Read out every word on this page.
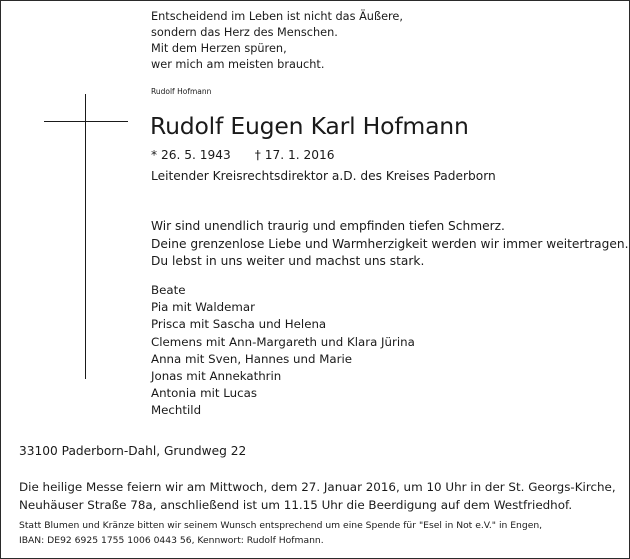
Entscheidend im Leben ist nicht das Äußere,
sondern das Herz des Menschen.
Mit dem Herzen spüren,
wer mich am meisten braucht.
Rudolf Hofmann
Rudolf Eugen Karl Hofmann
* 26. 5. 1943 † 17. 1. 2016
Leitender Kreisrechtsdirektor a.D. des Kreises Paderborn
Wir sind unendlich traurig und empfinden tiefen Schmerz.
Deine grenzenlose Liebe und Warmherzigkeit werden wir immer weitertragen.
Du lebst in uns weiter und machst uns stark.
Beate
Pia mit Waldemar
Prisca mit Sascha und Helena
Clemens mit Ann-Margareth und Klara Jürina
Anna mit Sven, Hannes und Marie
Jonas mit Annekathrin
Antonia mit Lucas
Mechtild
33100 Paderborn-Dahl, Grundweg 22
Die heilige Messe feiern wir am Mittwoch, dem 27. Januar 2016, um 10 Uhr in der St. Georgs-Kirche,
Neuhäuser Straße 78a, anschließend ist um 11.15 Uhr die Beerdigung auf dem Westfriedhof.
Statt Blumen und Kränze bitten wir seinem Wunsch entsprechend um eine Spende für "Esel in Not e.V." in Engen,
IBAN: DE92 6925 1755 1006 0443 56, Kennwort: Rudolf Hofmann.
